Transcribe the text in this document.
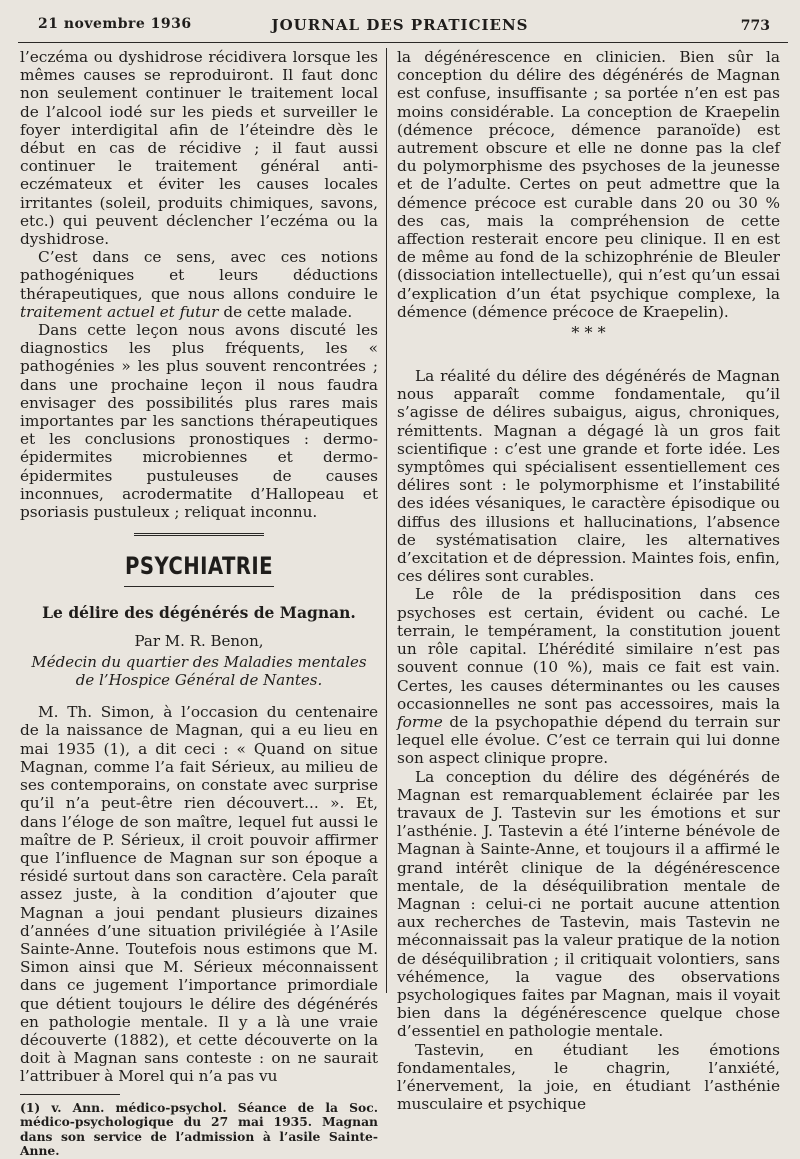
21 novembre 1936	JOURNAL DES PRATICIENS	773

l’eczéma ou dyshidrose récidivera lorsque les mêmes causes se reproduiront. Il faut donc non seulement continuer le traitement local de l’alcool iodé sur les pieds et surveiller le foyer interdigital afin de l’éteindre dès le début en cas de récidive ; il faut aussi continuer le traitement général anti-eczémateux et éviter les causes locales irritantes (soleil, produits chimiques, savons, etc.) qui peuvent déclencher l’eczéma ou la dyshidrose.

C’est dans ce sens, avec ces notions pathogéniques et leurs déductions thérapeutiques, que nous allons conduire le traitement actuel et futur de cette malade.

Dans cette leçon nous avons discuté les diagnostics les plus fréquents, les « pathogénies » les plus souvent rencontrées ; dans une prochaine leçon il nous faudra envisager des possibilités plus rares mais importantes par les sanctions thérapeutiques et les conclusions pronostiques : dermo-épidermites microbiennes et dermo-épidermites pustuleuses de causes inconnues, acrodermatite d’Hallopeau et psoriasis pustuleux ; reliquat inconnu.

PSYCHIATRIE
Le délire des dégénérés de Magnan.
Par M. R. Benon,
Médecin du quartier des Maladies mentales
de l’Hospice Général de Nantes.

M. Th. Simon, à l’occasion du centenaire de la naissance de Magnan, qui a eu lieu en mai 1935 (1), a dit ceci : « Quand on situe Magnan, comme l’a fait Sérieux, au milieu de ses contemporains, on constate avec surprise qu’il n’a peut-être rien découvert... ». Et, dans l’éloge de son maître, lequel fut aussi le maître de P. Sérieux, il croit pouvoir affirmer que l’influence de Magnan sur son époque a résidé surtout dans son caractère. Cela paraît assez juste, à la condition d’ajouter que Magnan a joui pendant plusieurs dizaines d’années d’une situation privilégiée à l’Asile Sainte-Anne. Toutefois nous estimons que M. Simon ainsi que M. Sérieux méconnaissent dans ce jugement l’importance primordiale que détient toujours le délire des dégénérés en pathologie mentale. Il y a là une vraie découverte (1882), et cette découverte on la doit à Magnan sans conteste : on ne saurait l’attribuer à Morel qui n’a pas vu

(1) v. Ann. médico-psychol. Séance de la Soc. médico-psychologique du 27 mai 1935. Magnan dans son service de l’admission à l’asile Sainte-Anne.

la dégénérescence en clinicien. Bien sûr la conception du délire des dégénérés de Magnan est confuse, insuffisante ; sa portée n’en est pas moins considérable. La conception de Kraepelin (démence précoce, démence paranoïde) est autrement obscure et elle ne donne pas la clef du polymorphisme des psychoses de la jeunesse et de l’adulte. Certes on peut admettre que la démence précoce est curable dans 20 ou 30 % des cas, mais la compréhension de cette affection resterait encore peu clinique. Il en est de même au fond de la schizophrénie de Bleuler (dissociation intellectuelle), qui n’est qu’un essai d’explication d’un état psychique complexe, la démence (démence précoce de Kraepelin).

* * *

La réalité du délire des dégénérés de Magnan nous apparaît comme fondamentale, qu’il s’agisse de délires subaigus, aigus, chroniques, rémittents. Magnan a dégagé là un gros fait scientifique : c’est une grande et forte idée. Les symptômes qui spécialisent essentiellement ces délires sont : le polymorphisme et l’instabilité des idées vésaniques, le caractère épisodique ou diffus des illusions et hallucinations, l’absence de systématisation claire, les alternatives d’excitation et de dépression. Maintes fois, enfin, ces délires sont curables.

Le rôle de la prédisposition dans ces psychoses est certain, évident ou caché. Le terrain, le tempérament, la constitution jouent un rôle capital. L’hérédité similaire n’est pas souvent connue (10 %), mais ce fait est vain. Certes, les causes déterminantes ou les causes occasionnelles ne sont pas accessoires, mais la forme de la psychopathie dépend du terrain sur lequel elle évolue. C’est ce terrain qui lui donne son aspect clinique propre.

La conception du délire des dégénérés de Magnan est remarquablement éclairée par les travaux de J. Tastevin sur les émotions et sur l’asthénie. J. Tastevin a été l’interne bénévole de Magnan à Sainte-Anne, et toujours il a affirmé le grand intérêt clinique de la dégénérescence mentale, de la déséquilibration mentale de Magnan : celui-ci ne portait aucune attention aux recherches de Tastevin, mais Tastevin ne méconnaissait pas la valeur pratique de la notion de déséquilibration ; il critiquait volontiers, sans véhémence, la vague des observations psychologiques faites par Magnan, mais il voyait bien dans la dégénérescence quelque chose d’essentiel en pathologie mentale.

Tastevin, en étudiant les émotions fondamentales, le chagrin, l’anxiété, l’énervement, la joie, en étudiant l’asthénie musculaire et psychique
